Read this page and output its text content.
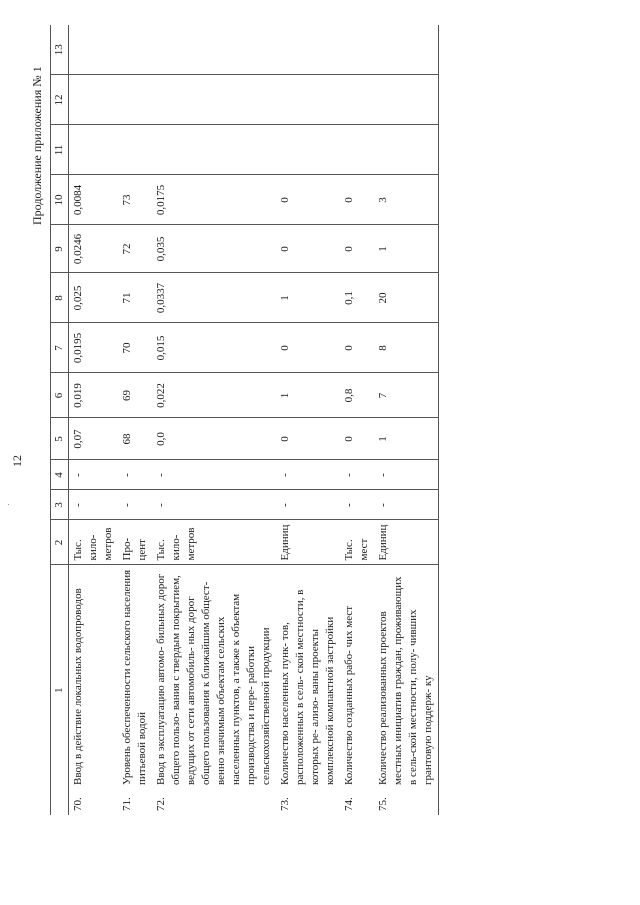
12
Продолжение приложения № 1
1	2	3	4	5	6	7	8	9	10	11	12	13

70.	Ввод в действие локальных водопроводов
	Тыс. кило- метров	-	-	0,07	0,019	0,0195	0,025	0,0246	0,0084			

71.	Уровень обеспеченности сельского населения питьевой водой
	Про- цент	-	-	68	69	70	71	72	73			

72.	Ввод в эксплуатацию автомо- бильных дорог общего пользо- вания с твердым покрытием, ведущих от сети автомобиль- ных дорог общего пользования к ближайшим общест-венно значимым объектам сельских населенных пунктов, а также к объектам производства и пере- работки сельскохозяйственной продукции
	Тыс. кило- метров	-	-	0,0	0,022	0,015	0,0337	0,035	0,0175			

73.	Количество населенных пунк- тов, расположенных в сель- ской местности, в которых ре- ализо- ваны проекты комплексной компактной застройки
	Единиц	-	-	0	1	0	1	0	0			

74.	Количество созданных рабо- чих мест
	Тыс. мест	-	-	0	0,8	0	0,1	0	0			

75.	Количество реализованных проектов местных инициатив граждан, проживающих в сель-ской местности, полу- чивших грантовую поддерж- ку
	Единиц	-	-	1	7	8	20	1	3			
